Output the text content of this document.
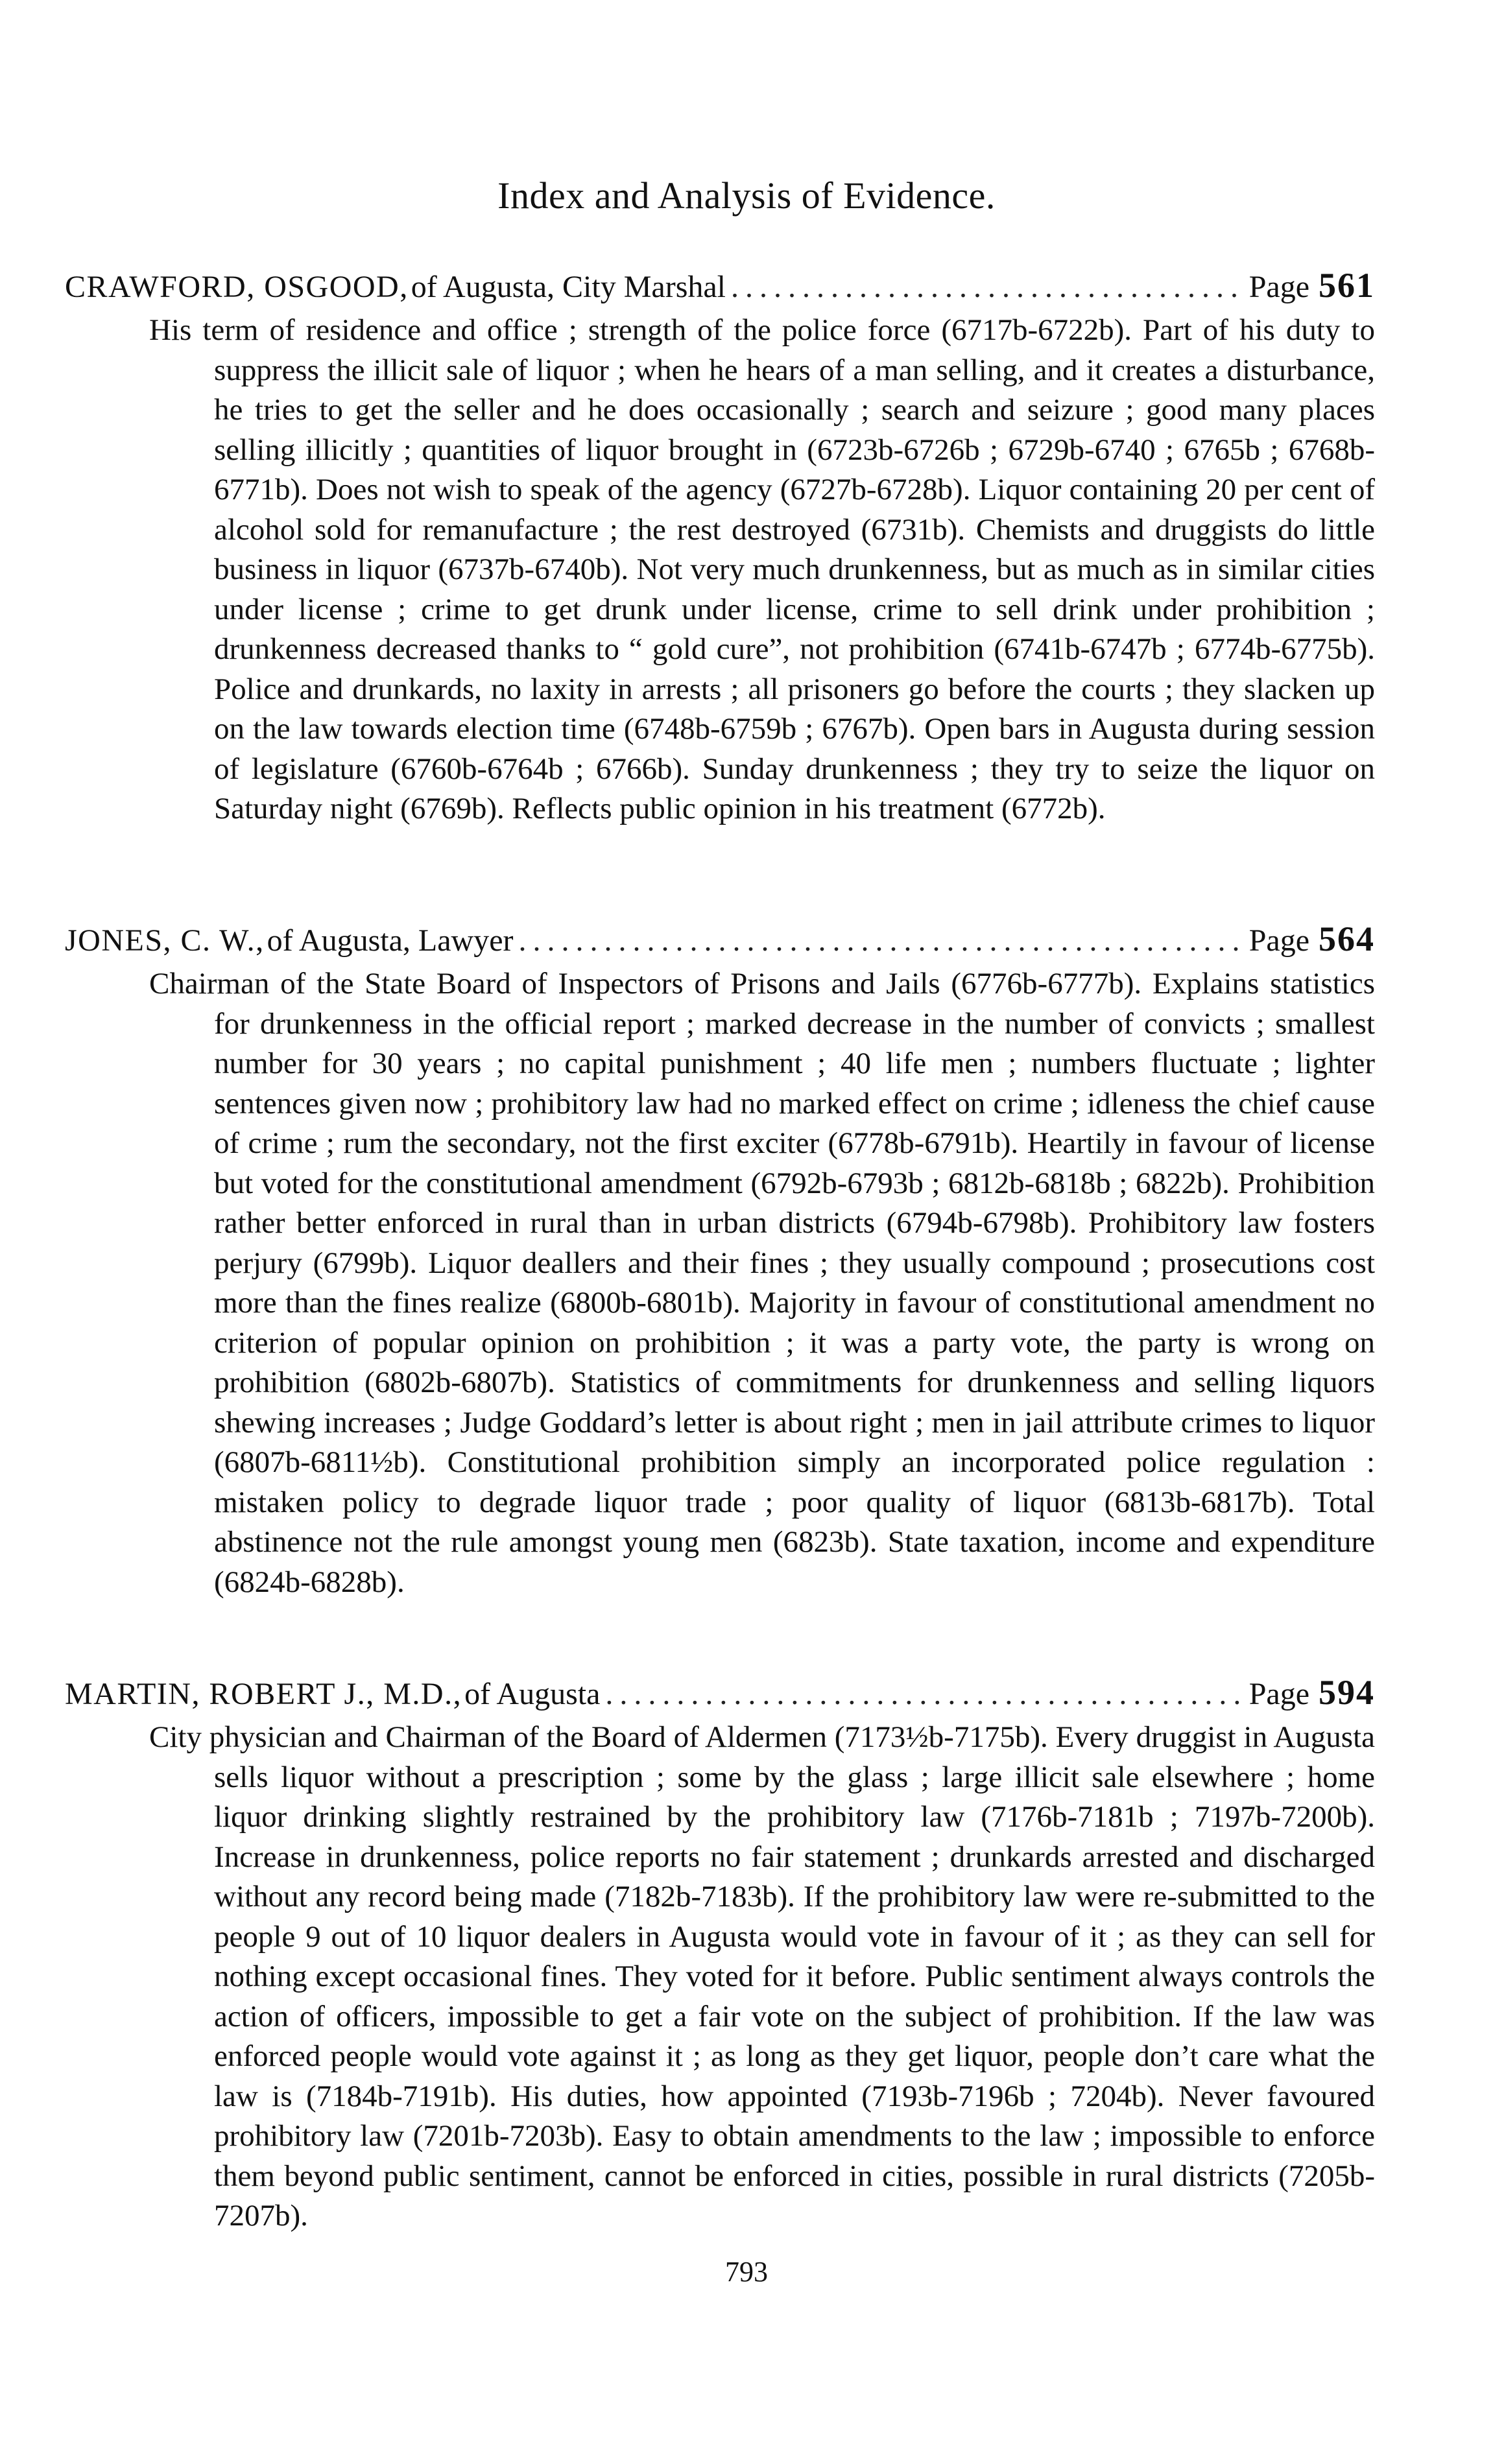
Index and Analysis of Evidence.
CRAWFORD, OSGOOD, of Augusta, City Marshal .....	Page 561
His term of residence and office ; strength of the police force (6717b-6722b). Part of his duty to suppress the illicit sale of liquor ; when he hears of a man selling, and it creates a disturbance, he tries to get the seller and he does occasionally ; search and seizure ; good many places selling illicitly ; quantities of liquor brought in (6723b-6726b ; 6729b-6740 ; 6765b ; 6768b-6771b). Does not wish to speak of the agency (6727b-6728b). Liquor containing 20 per cent of alcohol sold for remanufacture ; the rest destroyed (6731b). Chemists and druggists do little business in liquor (6737b-6740b). Not very much drunkenness, but as much as in similar cities under license ; crime to get drunk under license, crime to sell drink under prohibition ; drunkenness decreased thanks to “ gold cure”, not prohibition (6741b-6747b ; 6774b-6775b). Police and drunkards, no laxity in arrests ; all prisoners go before the courts ; they slacken up on the law towards election time (6748b-6759b ; 6767b). Open bars in Augusta during session of legislature (6760b-6764b ; 6766b). Sunday drunkenness ; they try to seize the liquor on Saturday night (6769b). Reflects public opinion in his treatment (6772b).
JONES, C. W., of Augusta, Lawyer .....	Page 564
Chairman of the State Board of Inspectors of Prisons and Jails (6776b-6777b). Explains statistics for drunkenness in the official report ; marked decrease in the number of convicts ; smallest number for 30 years ; no capital punishment ; 40 life men ; numbers fluctuate ; lighter sentences given now ; prohibitory law had no marked effect on crime ; idleness the chief cause of crime ; rum the secondary, not the first exciter (6778b-6791b). Heartily in favour of license but voted for the constitutional amendment (6792b-6793b ; 6812b-6818b ; 6822b). Prohibition rather better enforced in rural than in urban districts (6794b-6798b). Prohibitory law fosters perjury (6799b). Liquor deallers and their fines ; they usually compound ; prosecutions cost more than the fines realize (6800b-6801b). Majority in favour of constitutional amendment no criterion of popular opinion on prohibition ; it was a party vote, the party is wrong on prohibition (6802b-6807b). Statistics of commitments for drunkenness and selling liquors shewing increases ; Judge Goddard’s letter is about right ; men in jail attribute crimes to liquor (6807b-6811½b). Constitutional prohibition simply an incorporated police regulation : mistaken policy to degrade liquor trade ; poor quality of liquor (6813b-6817b). Total abstinence not the rule amongst young men (6823b). State taxation, income and expenditure (6824b-6828b).
MARTIN, ROBERT J., M.D., of Augusta .....	Page 594
City physician and Chairman of the Board of Aldermen (7173½b-7175b). Every druggist in Augusta sells liquor without a prescription ; some by the glass ; large illicit sale elsewhere ; home liquor drinking slightly restrained by the prohibitory law (7176b-7181b ; 7197b-7200b). Increase in drunkenness, police reports no fair statement ; drunkards arrested and discharged without any record being made (7182b-7183b). If the prohibitory law were re-submitted to the people 9 out of 10 liquor dealers in Augusta would vote in favour of it ; as they can sell for nothing except occasional fines. They voted for it before. Public sentiment always controls the action of officers, impossible to get a fair vote on the subject of prohibition. If the law was enforced people would vote against it ; as long as they get liquor, people don’t care what the law is (7184b-7191b). His duties, how appointed (7193b-7196b ; 7204b). Never favoured prohibitory law (7201b-7203b). Easy to obtain amendments to the law ; impossible to enforce them beyond public sentiment, cannot be enforced in cities, possible in rural districts (7205b-7207b).
793
